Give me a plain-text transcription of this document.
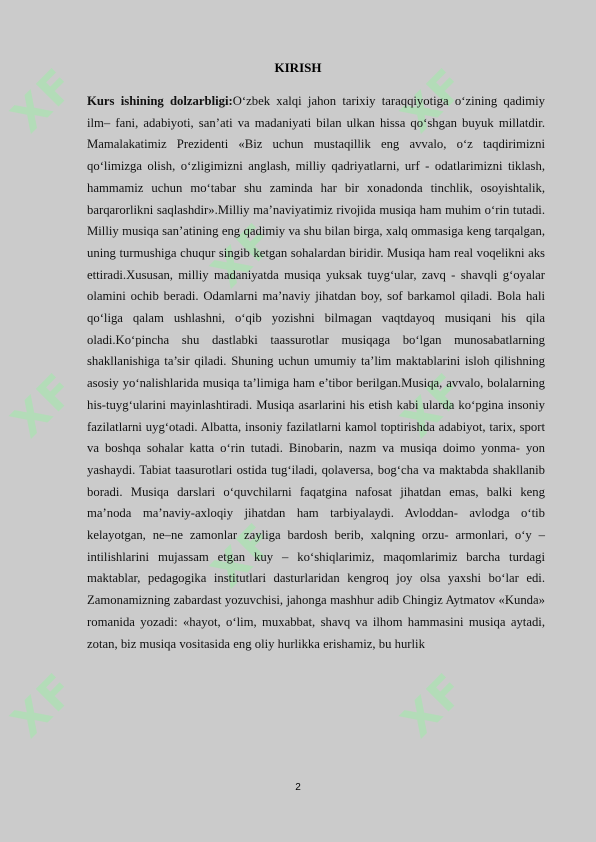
XF	XF
XF
XF
XF
XF
XF	XF
KIRISH

Kurs ishining dolzarbligi:O‘zbek xalqi jahon tarixiy taraqqiyotiga o‘zining qadimiy ilm– fani, adabiyoti, san’ati va madaniyati bilan ulkan hissa qo‘shgan buyuk millatdir. Mamalakatimiz Prezidenti «Biz uchun mustaqillik eng avvalo, o‘z taqdirimizni qo‘limizga olish, o‘zligimizni anglash, milliy qadriyatlarni, urf - odatlarimizni tiklash, hammamiz uchun mo‘tabar shu zaminda har bir xonadonda tinchlik, osoyishtalik, barqarorlikni saqlashdir».Milliy ma’naviyatimiz rivojida musiqa ham muhim o‘rin tutadi. Milliy musiqa san’atining eng qadimiy va shu bilan birga, xalq ommasiga keng tarqalgan, uning turmushiga chuqur singib ketgan sohalardan biridir. Musiqa ham real voqelikni aks ettiradi.Xususan, milliy madaniyatda musiqa yuksak tuyg‘ular, zavq - shavqli g‘oyalar olamini ochib beradi. Odamlarni ma’naviy jihatdan boy, sof barkamol qiladi. Bola hali qo‘liga qalam ushlashni, o‘qib yozishni bilmagan vaqtdayoq musiqani his qila oladi.Ko‘pincha shu dastlabki taassurotlar musiqaga bo‘lgan munosabatlarning shakllanishiga ta’sir qiladi. Shuning uchun umumiy ta’lim maktablarini isloh qilishning asosiy yo‘nalishlarida musiqa ta’limiga ham e’tibor berilgan.Musiqa, avvalo, bolalarning his-tuyg‘ularini mayinlashtiradi. Musiqa asarlarini his etish kabi ularda ko‘pgina insoniy fazilatlarni uyg‘otadi. Albatta, insoniy fazilatlarni kamol toptirishda adabiyot, tarix, sport va boshqa sohalar katta o‘rin tutadi. Binobarin, nazm va musiqa doimo yonma- yon yashaydi. Tabiat taasurotlari ostida tug‘iladi, qolaversa, bog‘cha va maktabda shakllanib boradi. Musiqa darslari o‘quvchilarni faqatgina nafosat jihatdan emas, balki keng ma’noda ma’naviy-axloqiy jihatdan ham tarbiyalaydi. Avloddan- avlodga o‘tib kelayotgan, ne–ne zamonlar zayliga bardosh berib, xalqning orzu- armonlari, o‘y – intilishlarini mujassam etgan kuy – ko‘shiqlarimiz, maqomlarimiz barcha turdagi maktablar, pedagogika institutlari dasturlaridan kengroq joy olsa yaxshi bo‘lar edi. Zamonamizning zabardast yozuvchisi, jahonga mashhur adib Chingiz Aytmatov «Kunda» romanida yozadi: «hayot, o‘lim, muxabbat, shavq va ilhom hammasini musiqa aytadi, zotan, biz musiqa vositasida eng oliy hurlikka erishamiz, bu hurlik

2
